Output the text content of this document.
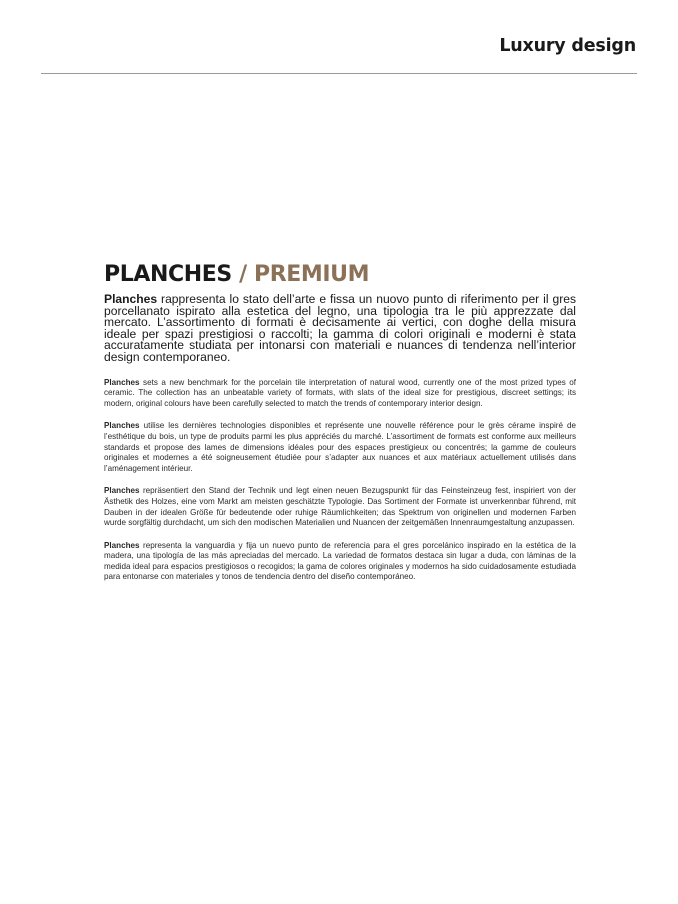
Luxury design
PLANCHES / PREMIUM

Planches rappresenta lo stato dell’arte e fissa un nuovo punto di riferimento per il gres porcellanato ispirato alla estetica del legno, una tipologia tra le più apprezzate dal mercato. L’assortimento di formati è decisamente ai vertici, con doghe della misura ideale per spazi prestigiosi o raccolti; la gamma di colori originali e moderni è stata accuratamente studiata per intonarsi con materiali e nuances di tendenza nell’interior design contemporaneo.

Planches sets a new benchmark for the porcelain tile interpretation of natural wood, currently one of the most prized types of ceramic. The collection has an unbeatable variety of formats, with slats of the ideal size for prestigious, discreet settings; its modern, original colours have been carefully selected to match the trends of contemporary interior design.

Planches utilise les dernières technologies disponibles et représente une nouvelle référence pour le grès cérame inspiré de l’esthétique du bois, un type de produits parmi les plus appréciés du marché. L’assortiment de formats est conforme aux meilleurs standards et propose des lames de dimensions idéales pour des espaces prestigieux ou concentrés; la gamme de couleurs originales et modernes a été soigneusement étudiée pour s’adapter aux nuances et aux matériaux actuellement utilisés dans l’aménagement intérieur.

Planches repräsentiert den Stand der Technik und legt einen neuen Bezugspunkt für das Feinsteinzeug fest, inspiriert von der Ästhetik des Holzes, eine vom Markt am meisten geschätzte Typologie. Das Sortiment der Formate ist unverkennbar führend, mit Dauben in der idealen Größe für bedeutende oder ruhige Räumlichkeiten; das Spektrum von originellen und modernen Farben wurde sorgfältig durchdacht, um sich den modischen Materialien und Nuancen der zeitgemäßen Innenraumgestaltung anzupassen.

Planches representa la vanguardia y fija un nuevo punto de referencia para el gres porcelánico inspirado en la estética de la madera, una tipología de las más apreciadas del mercado. La variedad de formatos destaca sin lugar a duda, con láminas de la medida ideal para espacios prestigiosos o recogidos; la gama de colores originales y modernos ha sido cuidadosamente estudiada para entonarse con materiales y tonos de tendencia dentro del diseño contemporáneo.
